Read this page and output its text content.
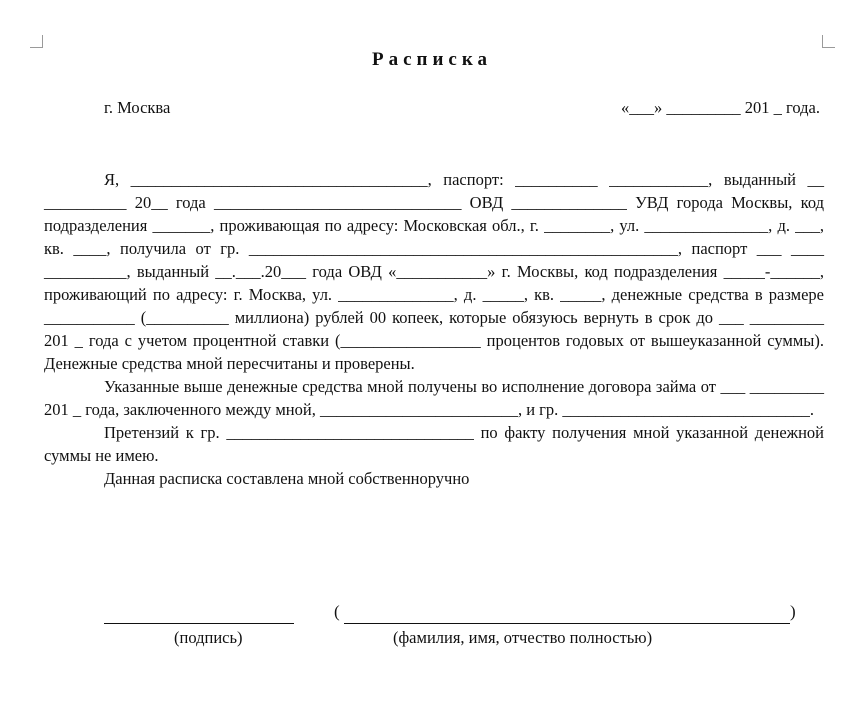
Расписка
г. Москва	«___» _________ 201 _ года.

Я, ____________________________________, паспорт: __________ ____________, выданный __ __________ 20__ года ______________________________ ОВД ______________ УВД города Москвы, код подразделения _______, проживающая по адресу: Московская обл., г. ________, ул. _______________, д. ___, кв. ____, получила от гр. ____________________________________________________, паспорт ___ ____ __________, выданный __.___.20___ года ОВД «___________» г. Москвы, код подразделения _____-______, проживающий по адресу: г. Москва, ул. ______________, д. _____, кв. _____, денежные средства в размере ___________ (__________ миллиона) рублей 00 копеек, которые обязуюсь вернуть в срок до ___ _________ 201 _ года с учетом процентной ставки (_________________ процентов годовых от вышеуказанной суммы). Денежные средства мной пересчитаны и проверены.

Указанные выше денежные средства мной получены во исполнение договора займа от ___ _________ 201 _ года, заключенного между мной, ________________________, и гр. ______________________________.

Претензий к гр. ______________________________ по факту получения мной указанной денежной суммы не имею.

Данная расписка составлена мной собственноручно

(	)
(подпись)	(фамилия, имя, отчество полностью)
